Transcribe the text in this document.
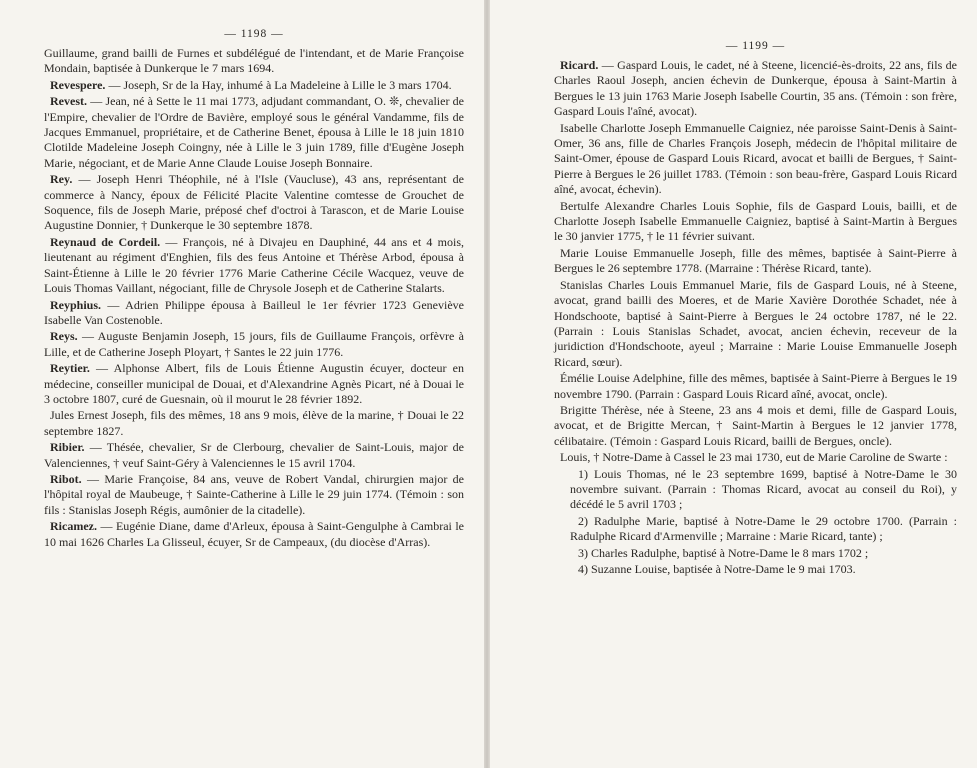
— 1198 —

Guillaume, grand bailli de Furnes et subdélégué de l'intendant, et de Marie Françoise Mondain, baptisée à Dunkerque le 7 mars 1694.

Revespere. — Joseph, Sr de la Hay, inhumé à La Madeleine à Lille le 3 mars 1704.

Revest. — Jean, né à Sette le 11 mai 1773, adjudant commandant, O. ❊, chevalier de l'Empire, chevalier de l'Ordre de Bavière, employé sous le général Vandamme, fils de Jacques Emmanuel, propriétaire, et de Catherine Benet, épousa à Lille le 18 juin 1810 Clotilde Madeleine Joseph Coingny, née à Lille le 3 juin 1789, fille d'Eugène Joseph Marie, négociant, et de Marie Anne Claude Louise Joseph Bonnaire.

Rey. — Joseph Henri Théophile, né à l'Isle (Vaucluse), 43 ans, représentant de commerce à Nancy, époux de Félicité Placite Valentine comtesse de Grouchet de Soquence, fils de Joseph Marie, préposé chef d'octroi à Tarascon, et de Marie Louise Augustine Donnier, † Dunkerque le 30 septembre 1878.

Reynaud de Cordeil. — François, né à Divajeu en Dauphiné, 44 ans et 4 mois, lieutenant au régiment d'Enghien, fils des feus Antoine et Thérèse Arbod, épousa à Saint-Étienne à Lille le 20 février 1776 Marie Catherine Cécile Wacquez, veuve de Louis Thomas Vaillant, négociant, fille de Chrysole Joseph et de Catherine Stalarts.

Reyphius. — Adrien Philippe épousa à Bailleul le 1er février 1723 Geneviève Isabelle Van Costenoble.

Reys. — Auguste Benjamin Joseph, 15 jours, fils de Guillaume François, orfèvre à Lille, et de Catherine Joseph Ployart, † Santes le 22 juin 1776.

Reytier. — Alphonse Albert, fils de Louis Étienne Augustin écuyer, docteur en médecine, conseiller municipal de Douai, et d'Alexandrine Agnès Picart, né à Douai le 3 octobre 1807, curé de Guesnain, où il mourut le 28 février 1892.

Jules Ernest Joseph, fils des mêmes, 18 ans 9 mois, élève de la marine, † Douai le 22 septembre 1827.

Ribier. — Thésée, chevalier, Sr de Clerbourg, chevalier de Saint-Louis, major de Valenciennes, † veuf Saint-Géry à Valenciennes le 15 avril 1704.

Ribot. — Marie Françoise, 84 ans, veuve de Robert Vandal, chirurgien major de l'hôpital royal de Maubeuge, † Sainte-Catherine à Lille le 29 juin 1774. (Témoin : son fils : Stanislas Joseph Régis, aumônier de la citadelle).

Ricamez. — Eugénie Diane, dame d'Arleux, épousa à Saint-Gengulphe à Cambrai le 10 mai 1626 Charles La Glisseul, écuyer, Sr de Campeaux, (du diocèse d'Arras).

— 1199 —

Ricard. — Gaspard Louis, le cadet, né à Steene, licencié-ès-droits, 22 ans, fils de Charles Raoul Joseph, ancien échevin de Dunkerque, épousa à Saint-Martin à Bergues le 13 juin 1763 Marie Joseph Isabelle Courtin, 35 ans. (Témoin : son frère, Gaspard Louis l'aîné, avocat).

Isabelle Charlotte Joseph Emmanuelle Caigniez, née paroisse Saint-Denis à Saint-Omer, 36 ans, fille de Charles François Joseph, médecin de l'hôpital militaire de Saint-Omer, épouse de Gaspard Louis Ricard, avocat et bailli de Bergues, † Saint-Pierre à Bergues le 26 juillet 1783. (Témoin : son beau-frère, Gaspard Louis Ricard aîné, avocat, échevin).

Bertulfe Alexandre Charles Louis Sophie, fils de Gaspard Louis, bailli, et de Charlotte Joseph Isabelle Emmanuelle Caigniez, baptisé à Saint-Martin à Bergues le 30 janvier 1775, † le 11 février suivant.

Marie Louise Emmanuelle Joseph, fille des mêmes, baptisée à Saint-Pierre à Bergues le 26 septembre 1778. (Marraine : Thérèse Ricard, tante).

Stanislas Charles Louis Emmanuel Marie, fils de Gaspard Louis, né à Steene, avocat, grand bailli des Moeres, et de Marie Xavière Dorothée Schadet, née à Hondschoote, baptisé à Saint-Pierre à Bergues le 24 octobre 1787, né le 22. (Parrain : Louis Stanislas Schadet, avocat, ancien échevin, receveur de la juridiction d'Hondschoote, ayeul ; Marraine : Marie Louise Emmanuelle Joseph Ricard, sœur).

Émélie Louise Adelphine, fille des mêmes, baptisée à Saint-Pierre à Bergues le 19 novembre 1790. (Parrain : Gaspard Louis Ricard aîné, avocat, oncle).

Brigitte Thérèse, née à Steene, 23 ans 4 mois et demi, fille de Gaspard Louis, avocat, et de Brigitte Mercan, † Saint-Martin à Bergues le 12 janvier 1778, célibataire. (Témoin : Gaspard Louis Ricard, bailli de Bergues, oncle).

Louis, † Notre-Dame à Cassel le 23 mai 1730, eut de Marie Caroline de Swarte :

1) Louis Thomas, né le 23 septembre 1699, baptisé à Notre-Dame le 30 novembre suivant. (Parrain : Thomas Ricard, avocat au conseil du Roi), y décédé le 5 avril 1703 ;

2) Radulphe Marie, baptisé à Notre-Dame le 29 octobre 1700. (Parrain : Radulphe Ricard d'Armenville ; Marraine : Marie Ricard, tante) ;

3) Charles Radulphe, baptisé à Notre-Dame le 8 mars 1702 ;

4) Suzanne Louise, baptisée à Notre-Dame le 9 mai 1703.
